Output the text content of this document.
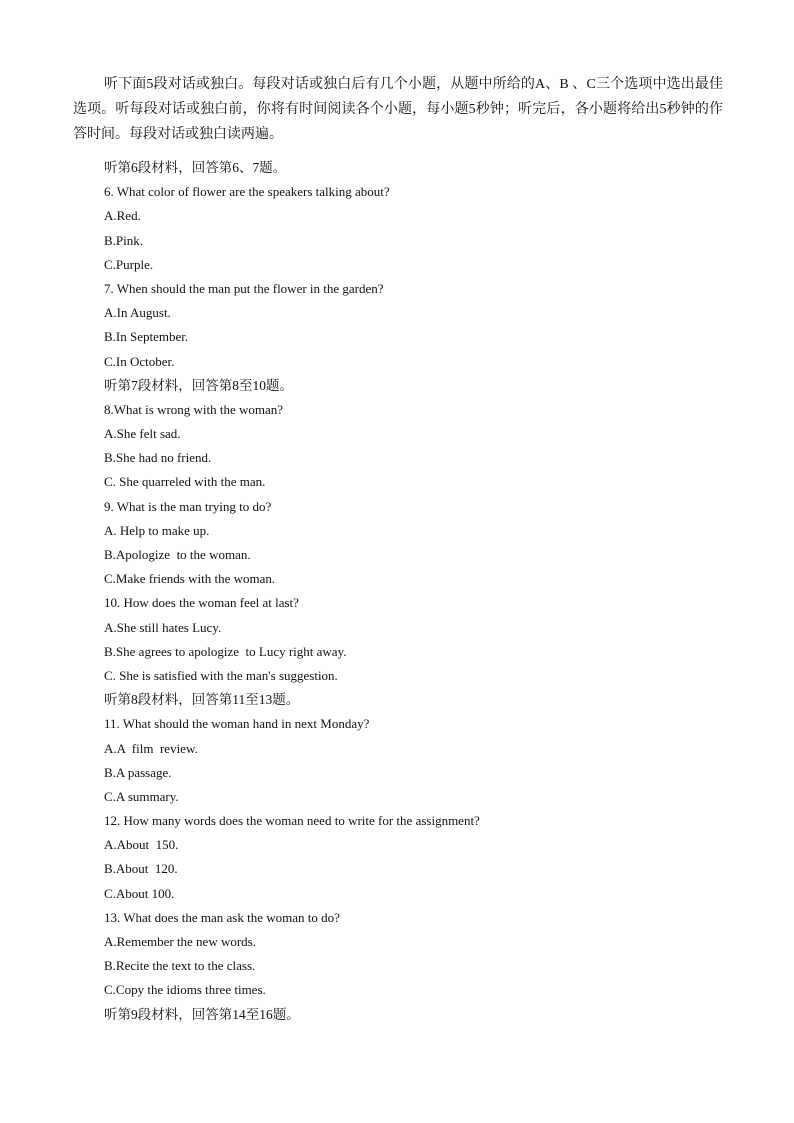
听下面5段对话或独白。每段对话或独白后有几个小题，从题中所给的A、B 、C三个选项中选出最佳选项。听每段对话或独白前，你将有时间阅读各个小题，每小题5秒钟；听完后，各小题将给出5秒钟的作答时间。每段对话或独白读两遍。

听第6段材料，回答第6、7题。

6. What color of flower are the speakers talking about?

A.Red.

B.Pink.

C.Purple.

7. When should the man put the flower in the garden?

A.In August.

B.In September.

C.In October.

听第7段材料，回答第8至10题。

8.What is wrong with the woman?

A.She felt sad.

B.She had no friend.

C. She quarreled with the man.

9. What is the man trying to do?

A. Help to make up.

B.Apologize  to the woman.

C.Make friends with the woman.

10. How does the woman feel at last?

A.She still hates Lucy.

B.She agrees to apologize  to Lucy right away.

C. She is satisfied with the man's suggestion.

听第8段材料，回答第11至13题。

11. What should the woman hand in next Monday?

A.A  film  review.

B.A passage.

C.A summary.

12. How many words does the woman need to write for the assignment?

A.About  150.

B.About  120.

C.About 100.

13. What does the man ask the woman to do?

A.Remember the new words.

B.Recite the text to the class.

C.Copy the idioms three times.

听第9段材料，回答第14至16题。
